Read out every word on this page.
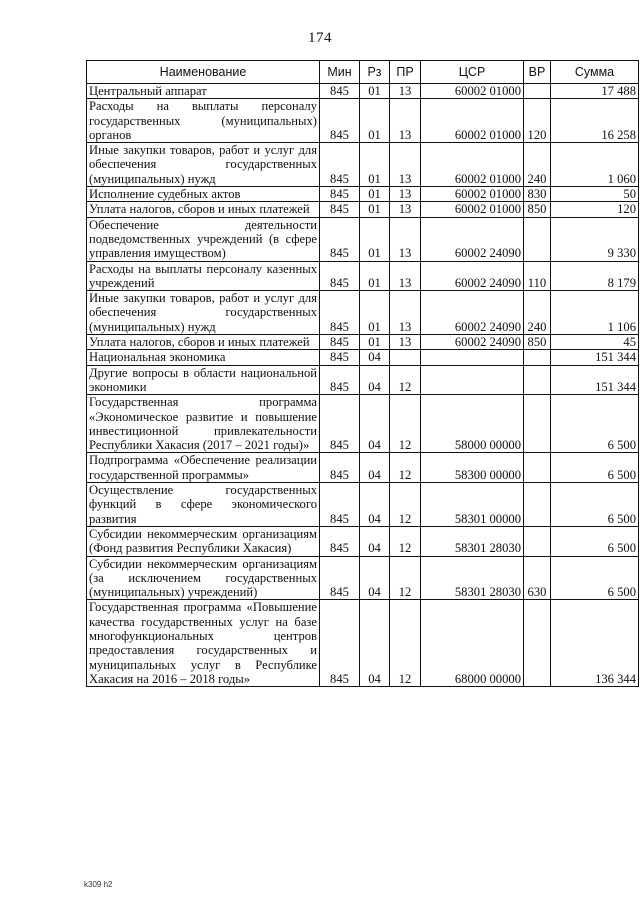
174
Наименование	Мин	Рз	ПР	ЦСР	ВР	Сумма
Центральный аппарат	845	01	13	60002 01000		17 488
Расходы на выплаты персоналу государственных (муниципальных) органов	845	01	13	60002 01000	120	16 258
Иные закупки товаров, работ и услуг для обеспечения государственных (муниципальных) нужд	845	01	13	60002 01000	240	1 060
Исполнение судебных актов	845	01	13	60002 01000	830	50
Уплата налогов, сборов и иных платежей	845	01	13	60002 01000	850	120
Обеспечение деятельности подведомственных учреждений (в сфере управления имуществом)	845	01	13	60002 24090		9 330
Расходы на выплаты персоналу казенных учреждений	845	01	13	60002 24090	110	8 179
Иные закупки товаров, работ и услуг для обеспечения государственных (муниципальных) нужд	845	01	13	60002 24090	240	1 106
Уплата налогов, сборов и иных платежей	845	01	13	60002 24090	850	45
Национальная экономика	845	04				151 344
Другие вопросы в области национальной экономики	845	04	12			151 344
Государственная программа «Экономическое развитие и повышение инвестиционной привлекательности Республики Хакасия (2017 – 2021 годы)»	845	04	12	58000 00000		6 500
Подпрограмма «Обеспечение реализации государственной программы»	845	04	12	58300 00000		6 500
Осуществление государственных функций в сфере экономического развития	845	04	12	58301 00000		6 500
Субсидии некоммерческим организациям (Фонд развития Республики Хакасия)	845	04	12	58301 28030		6 500
Субсидии некоммерческим организациям (за исключением государственных (муниципальных) учреждений)	845	04	12	58301 28030	630	6 500
Государственная программа «Повышение качества государственных услуг на базе многофункциональных центров предоставления государственных и муниципальных услуг в Республике Хакасия на 2016 – 2018 годы»	845	04	12	68000 00000		136 344
k309 h2
